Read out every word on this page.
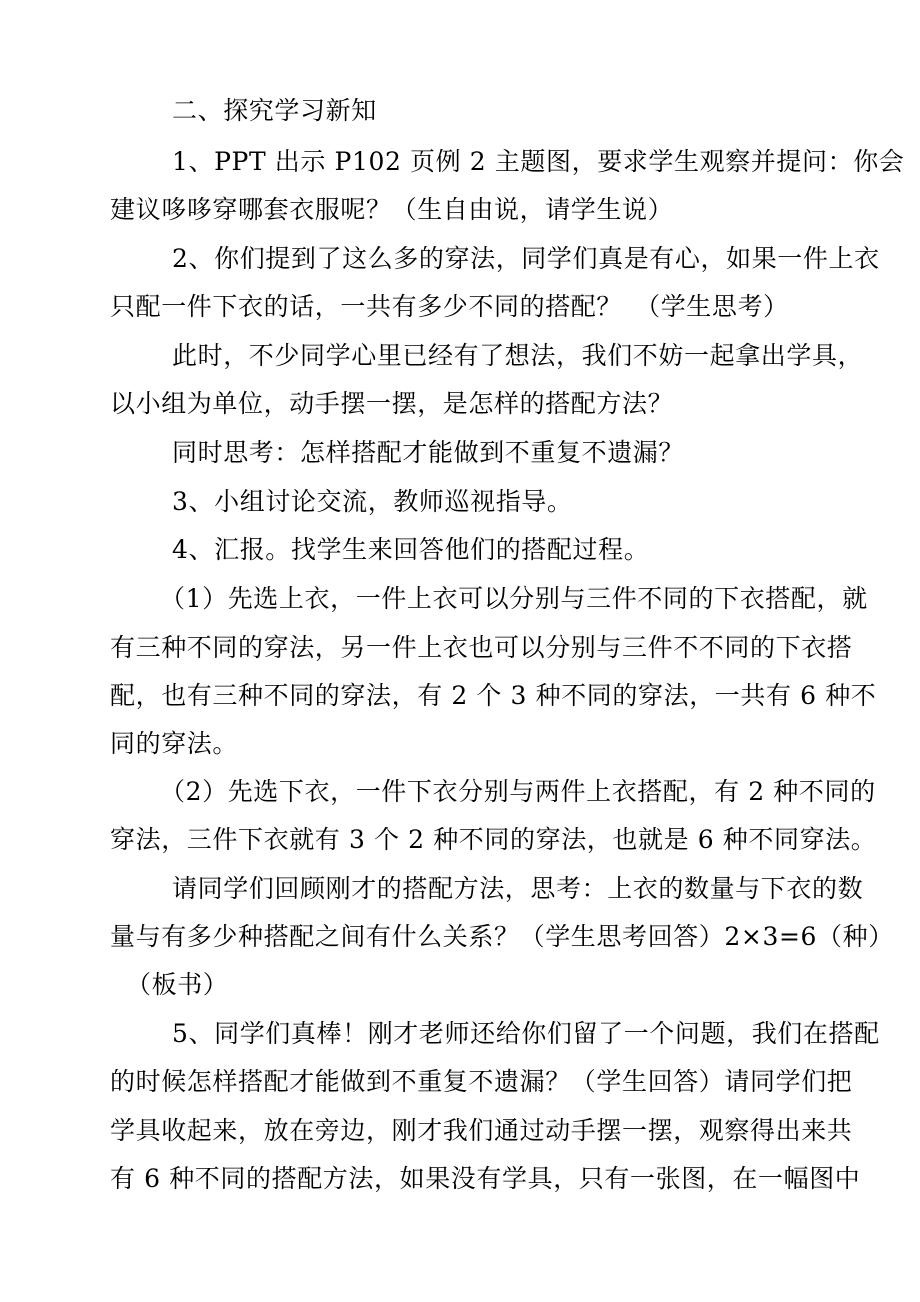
二、探究学习新知
1、PPT 出示 P102 页例 2 主题图，要求学生观察并提问：你会
建议哆哆穿哪套衣服呢？（生自由说，请学生说）
2、你们提到了这么多的穿法，同学们真是有心，如果一件上衣
只配一件下衣的话，一共有多少不同的搭配？　（学生思考）
此时，不少同学心里已经有了想法，我们不妨一起拿出学具，
以小组为单位，动手摆一摆，是怎样的搭配方法？
同时思考：怎样搭配才能做到不重复不遗漏？
3、小组讨论交流，教师巡视指导。
4、汇报。找学生来回答他们的搭配过程。
（1）先选上衣，一件上衣可以分别与三件不同的下衣搭配，就
有三种不同的穿法，另一件上衣也可以分别与三件不不同的下衣搭
配，也有三种不同的穿法，有 2 个 3 种不同的穿法，一共有 6 种不
同的穿法。
（2）先选下衣，一件下衣分别与两件上衣搭配，有 2 种不同的
穿法，三件下衣就有 3 个 2 种不同的穿法，也就是 6 种不同穿法。
请同学们回顾刚才的搭配方法，思考：上衣的数量与下衣的数
量与有多少种搭配之间有什么关系？（学生思考回答）2×3=6（种）
（板书）
5、同学们真棒！刚才老师还给你们留了一个问题，我们在搭配
的时候怎样搭配才能做到不重复不遗漏？（学生回答）请同学们把
学具收起来，放在旁边，刚才我们通过动手摆一摆，观察得出来共
有 6 种不同的搭配方法，如果没有学具，只有一张图，在一幅图中
